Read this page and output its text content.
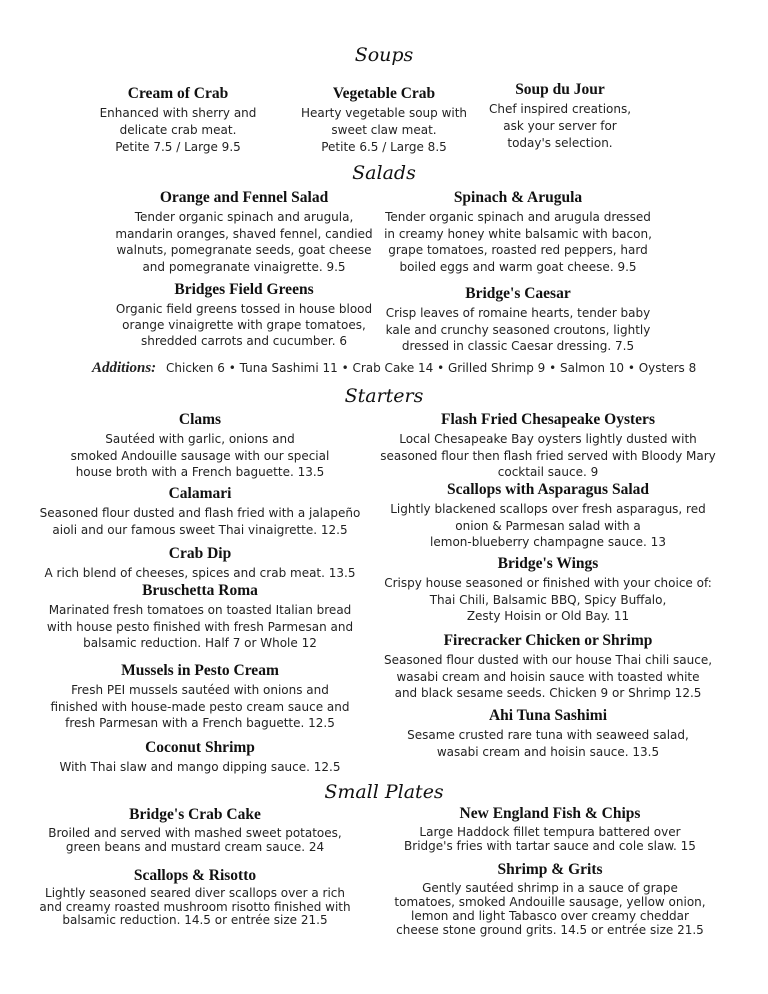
Soups
Salads
Starters
Small Plates
Additions: Chicken 6 • Tuna Sashimi 11 • Crab Cake 14 • Grilled Shrimp 9 • Salmon 10 • Oysters 8
Cream of Crab
Enhanced with sherry and
delicate crab meat.
Petite 7.5 / Large 9.5
Vegetable Crab
Hearty vegetable soup with
sweet claw meat.
Petite 6.5 / Large 8.5
Soup du Jour
Chef inspired creations,
ask your server for
today's selection.
Orange and Fennel Salad
Tender organic spinach and arugula,
mandarin oranges, shaved fennel, candied
walnuts, pomegranate seeds, goat cheese
and pomegranate vinaigrette. 9.5
Spinach & Arugula
Tender organic spinach and arugula dressed
in creamy honey white balsamic with bacon,
grape tomatoes, roasted red peppers, hard
boiled eggs and warm goat cheese. 9.5
Bridges Field Greens
Organic field greens tossed in house blood
orange vinaigrette with grape tomatoes,
shredded carrots and cucumber. 6
Bridge's Caesar
Crisp leaves of romaine hearts, tender baby
kale and crunchy seasoned croutons, lightly
dressed in classic Caesar dressing. 7.5
Clams
Sautéed with garlic, onions and
smoked Andouille sausage with our special
house broth with a French baguette. 13.5
Calamari
Seasoned flour dusted and flash fried with a jalapeño
aioli and our famous sweet Thai vinaigrette. 12.5
Crab Dip
A rich blend of cheeses, spices and crab meat. 13.5
Bruschetta Roma
Marinated fresh tomatoes on toasted Italian bread
with house pesto finished with fresh Parmesan and
balsamic reduction. Half 7 or Whole 12
Mussels in Pesto Cream
Fresh PEI mussels sautéed with onions and
finished with house-made pesto cream sauce and
fresh Parmesan with a French baguette. 12.5
Coconut Shrimp
With Thai slaw and mango dipping sauce. 12.5
Flash Fried Chesapeake Oysters
Local Chesapeake Bay oysters lightly dusted with
seasoned flour then flash fried served with Bloody Mary
cocktail sauce. 9
Scallops with Asparagus Salad
Lightly blackened scallops over fresh asparagus, red
onion & Parmesan salad with a
lemon-blueberry champagne sauce. 13
Bridge's Wings
Crispy house seasoned or finished with your choice of:
Thai Chili, Balsamic BBQ, Spicy Buffalo,
Zesty Hoisin or Old Bay. 11
Firecracker Chicken or Shrimp
Seasoned flour dusted with our house Thai chili sauce,
wasabi cream and hoisin sauce with toasted white
and black sesame seeds. Chicken 9 or Shrimp 12.5
Ahi Tuna Sashimi
Sesame crusted rare tuna with seaweed salad,
wasabi cream and hoisin sauce. 13.5
Bridge's Crab Cake
Broiled and served with mashed sweet potatoes,
green beans and mustard cream sauce. 24
Scallops & Risotto
Lightly seasoned seared diver scallops over a rich
and creamy roasted mushroom risotto finished with
balsamic reduction. 14.5 or entrée size 21.5
New England Fish & Chips
Large Haddock fillet tempura battered over
Bridge's fries with tartar sauce and cole slaw. 15
Shrimp & Grits
Gently sautéed shrimp in a sauce of grape
tomatoes, smoked Andouille sausage, yellow onion,
lemon and light Tabasco over creamy cheddar
cheese stone ground grits. 14.5 or entrée size 21.5
